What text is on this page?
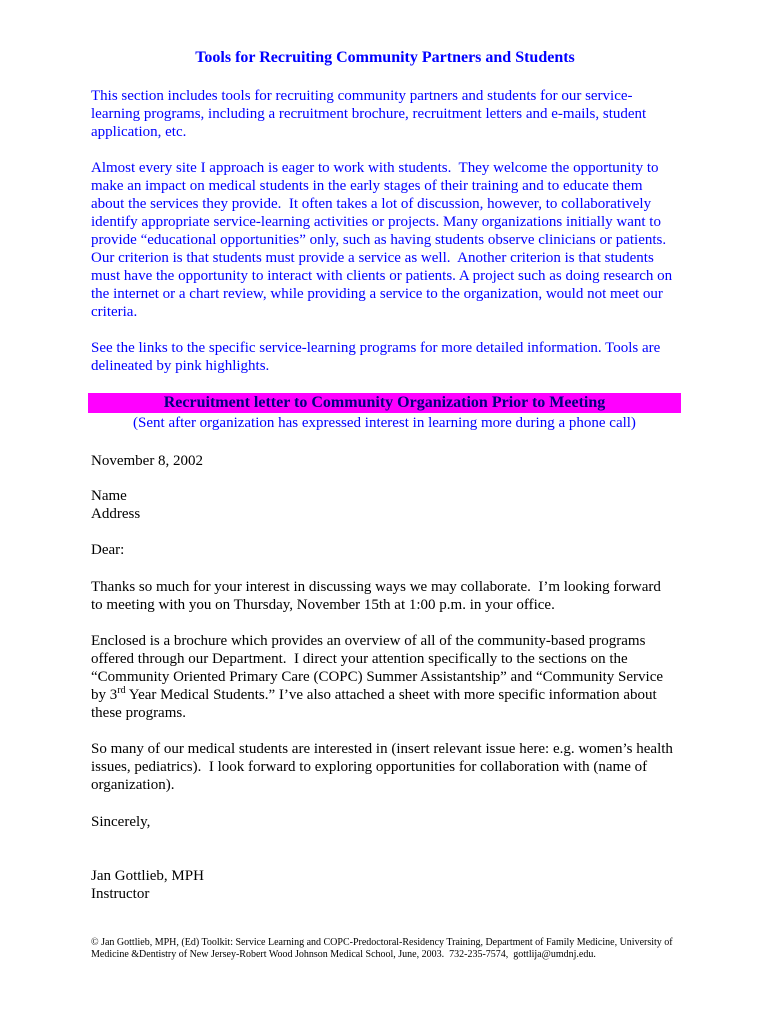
Tools for Recruiting Community Partners and Students
This section includes tools for recruiting community partners and students for our service-
learning programs, including a recruitment brochure, recruitment letters and e-mails, student
application, etc.
Almost every site I approach is eager to work with students.  They welcome the opportunity to
make an impact on medical students in the early stages of their training and to educate them
about the services they provide.  It often takes a lot of discussion, however, to collaboratively
identify appropriate service-learning activities or projects. Many organizations initially want to
provide “educational opportunities” only, such as having students observe clinicians or patients.
Our criterion is that students must provide a service as well.  Another criterion is that students
must have the opportunity to interact with clients or patients. A project such as doing research on
the internet or a chart review, while providing a service to the organization, would not meet our
criteria.
See the links to the specific service-learning programs for more detailed information. Tools are
delineated by pink highlights.
Recruitment letter to Community Organization Prior to Meeting
(Sent after organization has expressed interest in learning more during a phone call)
November 8, 2002
Name
Address
Dear:
Thanks so much for your interest in discussing ways we may collaborate.  I’m looking forward
to meeting with you on Thursday, November 15th at 1:00 p.m. in your office.
Enclosed is a brochure which provides an overview of all of the community-based programs
offered through our Department.  I direct your attention specifically to the sections on the
“Community Oriented Primary Care (COPC) Summer Assistantship” and “Community Service
by 3rd Year Medical Students.” I’ve also attached a sheet with more specific information about
these programs.
So many of our medical students are interested in (insert relevant issue here: e.g. women’s health
issues, pediatrics).  I look forward to exploring opportunities for collaboration with (name of
organization).
Sincerely,
Jan Gottlieb, MPH
Instructor
© Jan Gottlieb, MPH, (Ed) Toolkit: Service Learning and COPC-Predoctoral-Residency Training, Department of Family Medicine, University of
Medicine &Dentistry of New Jersey-Robert Wood Johnson Medical School, June, 2003.  732-235-7574,  gottlija@umdnj.edu.
